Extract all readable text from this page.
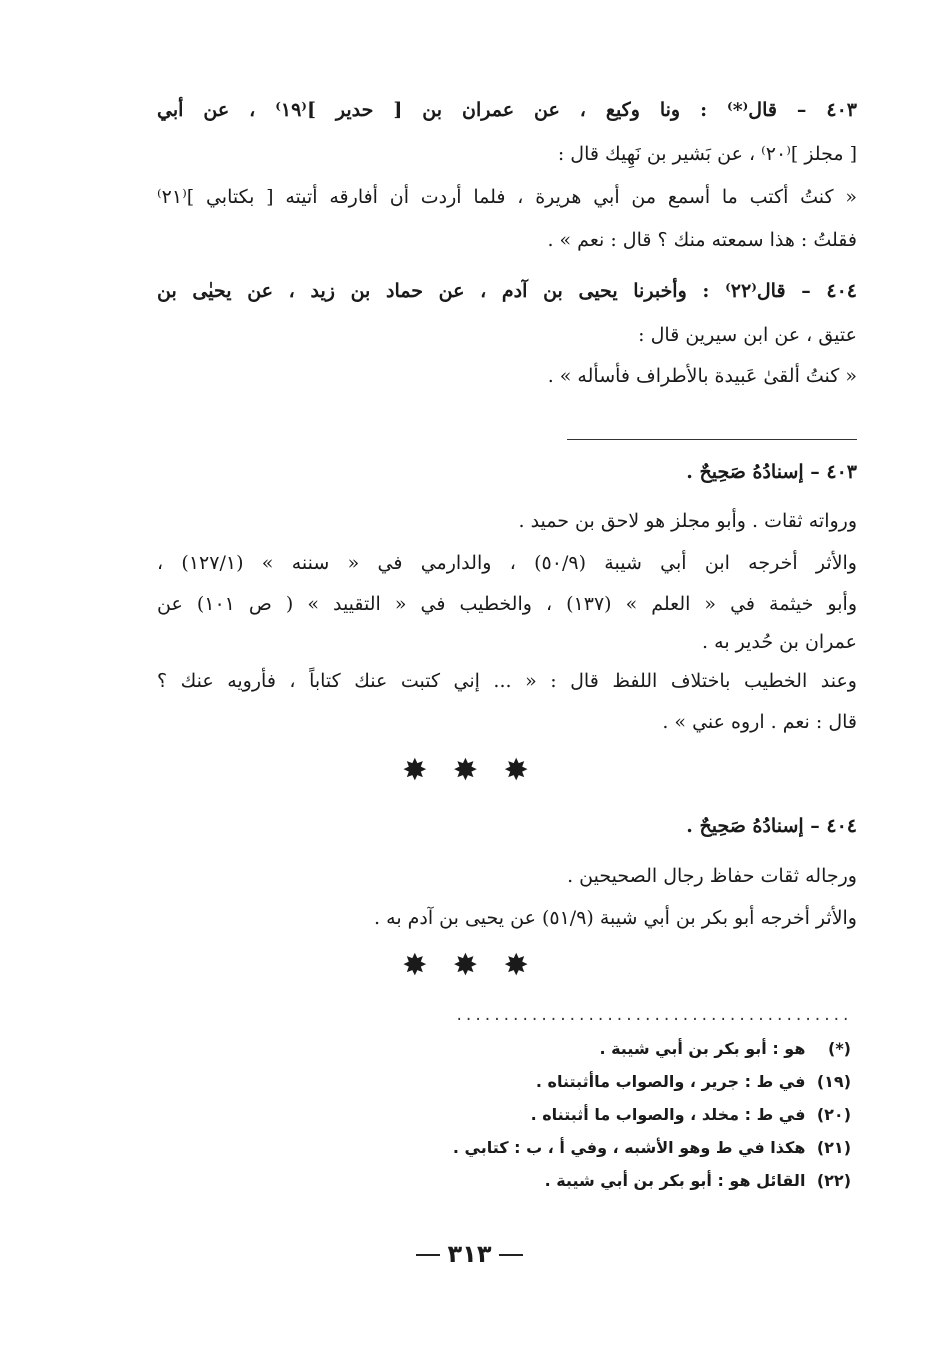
٤٠٣ – قال⁽*⁾ : ونا وكيع ، عن عمران بن [ حدير ]⁽١٩⁾ ، عن أبي
[ مجلز ]⁽٢٠⁾ ، عن بَشير بن نَهِيك قال :
« كنتُ أكتب ما أسمع من أبي هريرة ، فلما أردت أن أفارقه أتيته [ بكتابي ]⁽٢١⁾
فقلتُ : هذا سمعته منك ؟ قال : نعم » .
٤٠٤ – قال⁽٢٢⁾ : وأخبرنا يحيى بن آدم ، عن حماد بن زيد ، عن يحيٰى بن
عتيق ، عن ابن سيرين قال :
« كنتُ ألقىٰ عَبيدة بالأطراف فأسأله » .
٤٠٣ – إسنادُهُ صَحِيحٌ .
ورواته ثقات . وأبو مجلز هو لاحق بن حميد .
والأثر أخرجه ابن أبي شيبة (٥٠/٩) ، والدارمي في « سننه » (١٢٧/١) ،
وأبو خيثمة في « العلم » (١٣٧) ، والخطيب في « التقييد » ( ص ١٠١) عن
عمران بن حُدير به .
وعند الخطيب باختلاف اللفظ قال : « ... إني كتبت عنك كتاباً ، فأرويه عنك ؟
قال : نعم . اروه عني » .
✸ ✸ ✸
٤٠٤ – إسنادُهُ صَحِيحٌ .
ورجاله ثقات حفاظ رجال الصحيحين .
والأثر أخرجه أبو بكر بن أبي شيبة (٥١/٩) عن يحيى بن آدم به .
✸ ✸ ✸
..........................................
(*) هو : أبو بكر بن أبي شيبة .
(١٩) في ط : جرير ، والصواب ماأثبتناه .
(٢٠) في ط : مخلد ، والصواب ما أثبتناه .
(٢١) هكذا في ط وهو الأشبه ، وفي أ ، ب : كتابي .
(٢٢) القائل هو : أبو بكر بن أبي شيبة .
٣١٣
